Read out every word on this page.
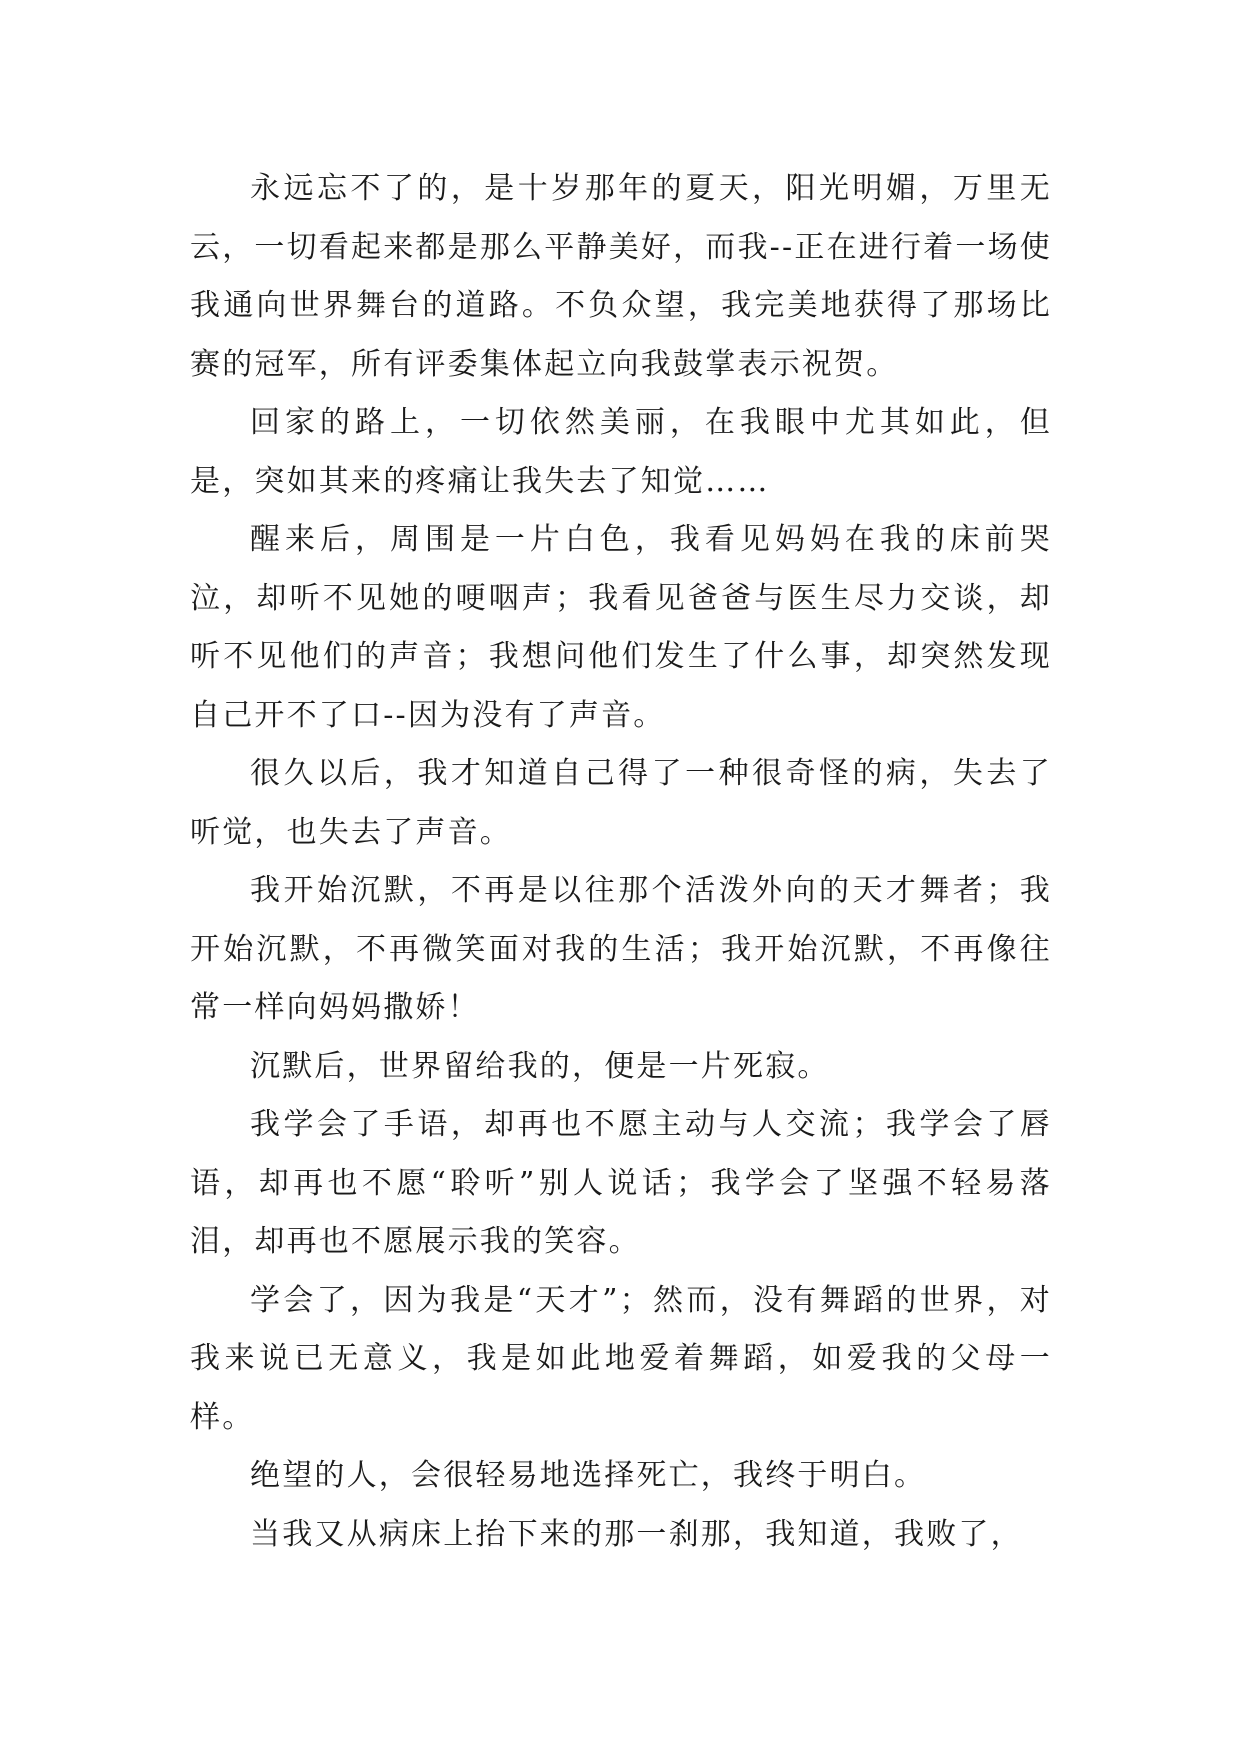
永远忘不了的，是十岁那年的夏天，阳光明媚，万里无云，一切看起来都是那么平静美好，而我--正在进行着一场使我通向世界舞台的道路。不负众望，我完美地获得了那场比赛的冠军，所有评委集体起立向我鼓掌表示祝贺。

回家的路上，一切依然美丽，在我眼中尤其如此，但是，突如其来的疼痛让我失去了知觉……

醒来后，周围是一片白色，我看见妈妈在我的床前哭泣，却听不见她的哽咽声；我看见爸爸与医生尽力交谈，却听不见他们的声音；我想问他们发生了什么事，却突然发现自己开不了口--因为没有了声音。

很久以后，我才知道自己得了一种很奇怪的病，失去了听觉，也失去了声音。

我开始沉默，不再是以往那个活泼外向的天才舞者；我开始沉默，不再微笑面对我的生活；我开始沉默，不再像往常一样向妈妈撒娇！

沉默后，世界留给我的，便是一片死寂。

我学会了手语，却再也不愿主动与人交流；我学会了唇语，却再也不愿“聆听”别人说话；我学会了坚强不轻易落泪，却再也不愿展示我的笑容。

学会了，因为我是“天才”；然而，没有舞蹈的世界，对我来说已无意义，我是如此地爱着舞蹈，如爱我的父母一样。

绝望的人，会很轻易地选择死亡，我终于明白。

当我又从病床上抬下来的那一刹那，我知道，我败了，
